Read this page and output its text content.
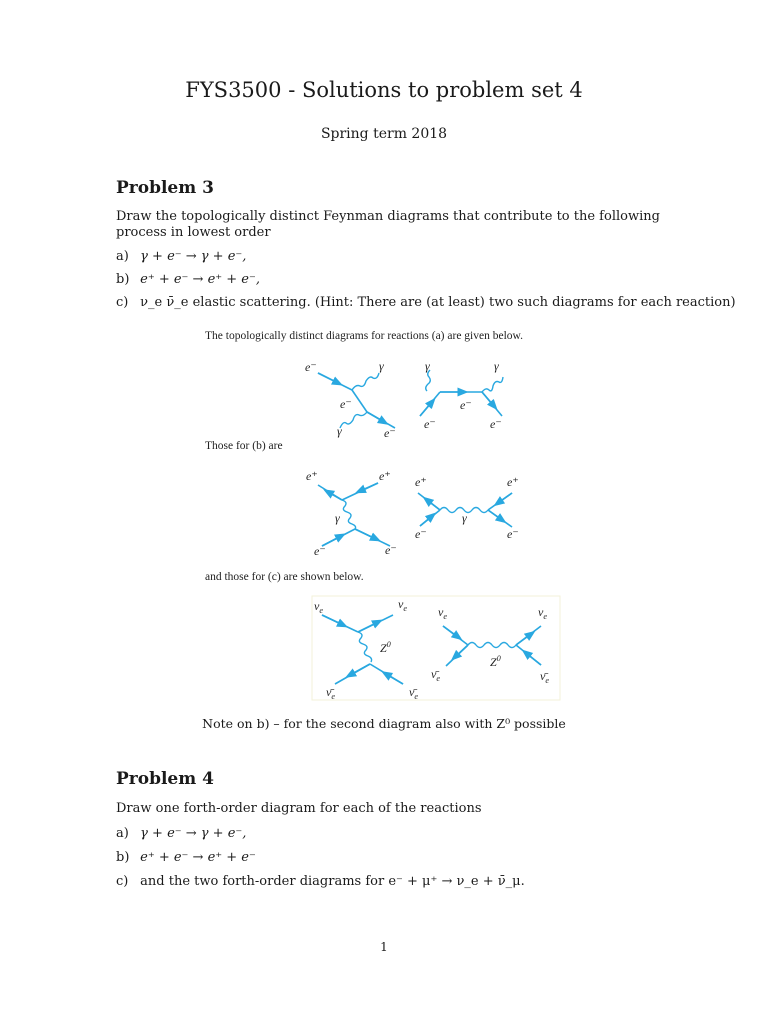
FYS3500 - Solutions to problem set 4
Spring term 2018
Problem 3
Draw the topologically distinct Feynman diagrams that contribute to the following process in lowest order
a) γ + e⁻ → γ + e⁻,
b) e⁺ + e⁻ → e⁺ + e⁻,
c) ν_e ν̄_e elastic scattering. (Hint: There are (at least) two such diagrams for each reaction)
The topologically distinct diagrams for reactions (a) are given below.
e⁻	γ
e⁻
γ	e⁻
γ	γ
e⁻
e⁻	e⁻
Those for (b) are
e⁺	e⁺
γ
e⁻	e⁻
e⁺	e⁺
γ
e⁻	e⁻
and those for (c) are shown below.
$\nu_e$	$\nu_e$
$Z^0$
$\nū_e$	$\nū_e$
$\nu_e$	$\nu_e$
$Z^0$
$\nū_e$	$\nū_e$
Note on b) – for the second diagram also with Z⁰ possible
Problem 4
Draw one forth-order diagram for each of the reactions
a) γ + e⁻ → γ + e⁻,
b) e⁺ + e⁻ → e⁺ + e⁻
c) and the two forth-order diagrams for e⁻ + μ⁺ → ν_e + ν̄_μ.
1
